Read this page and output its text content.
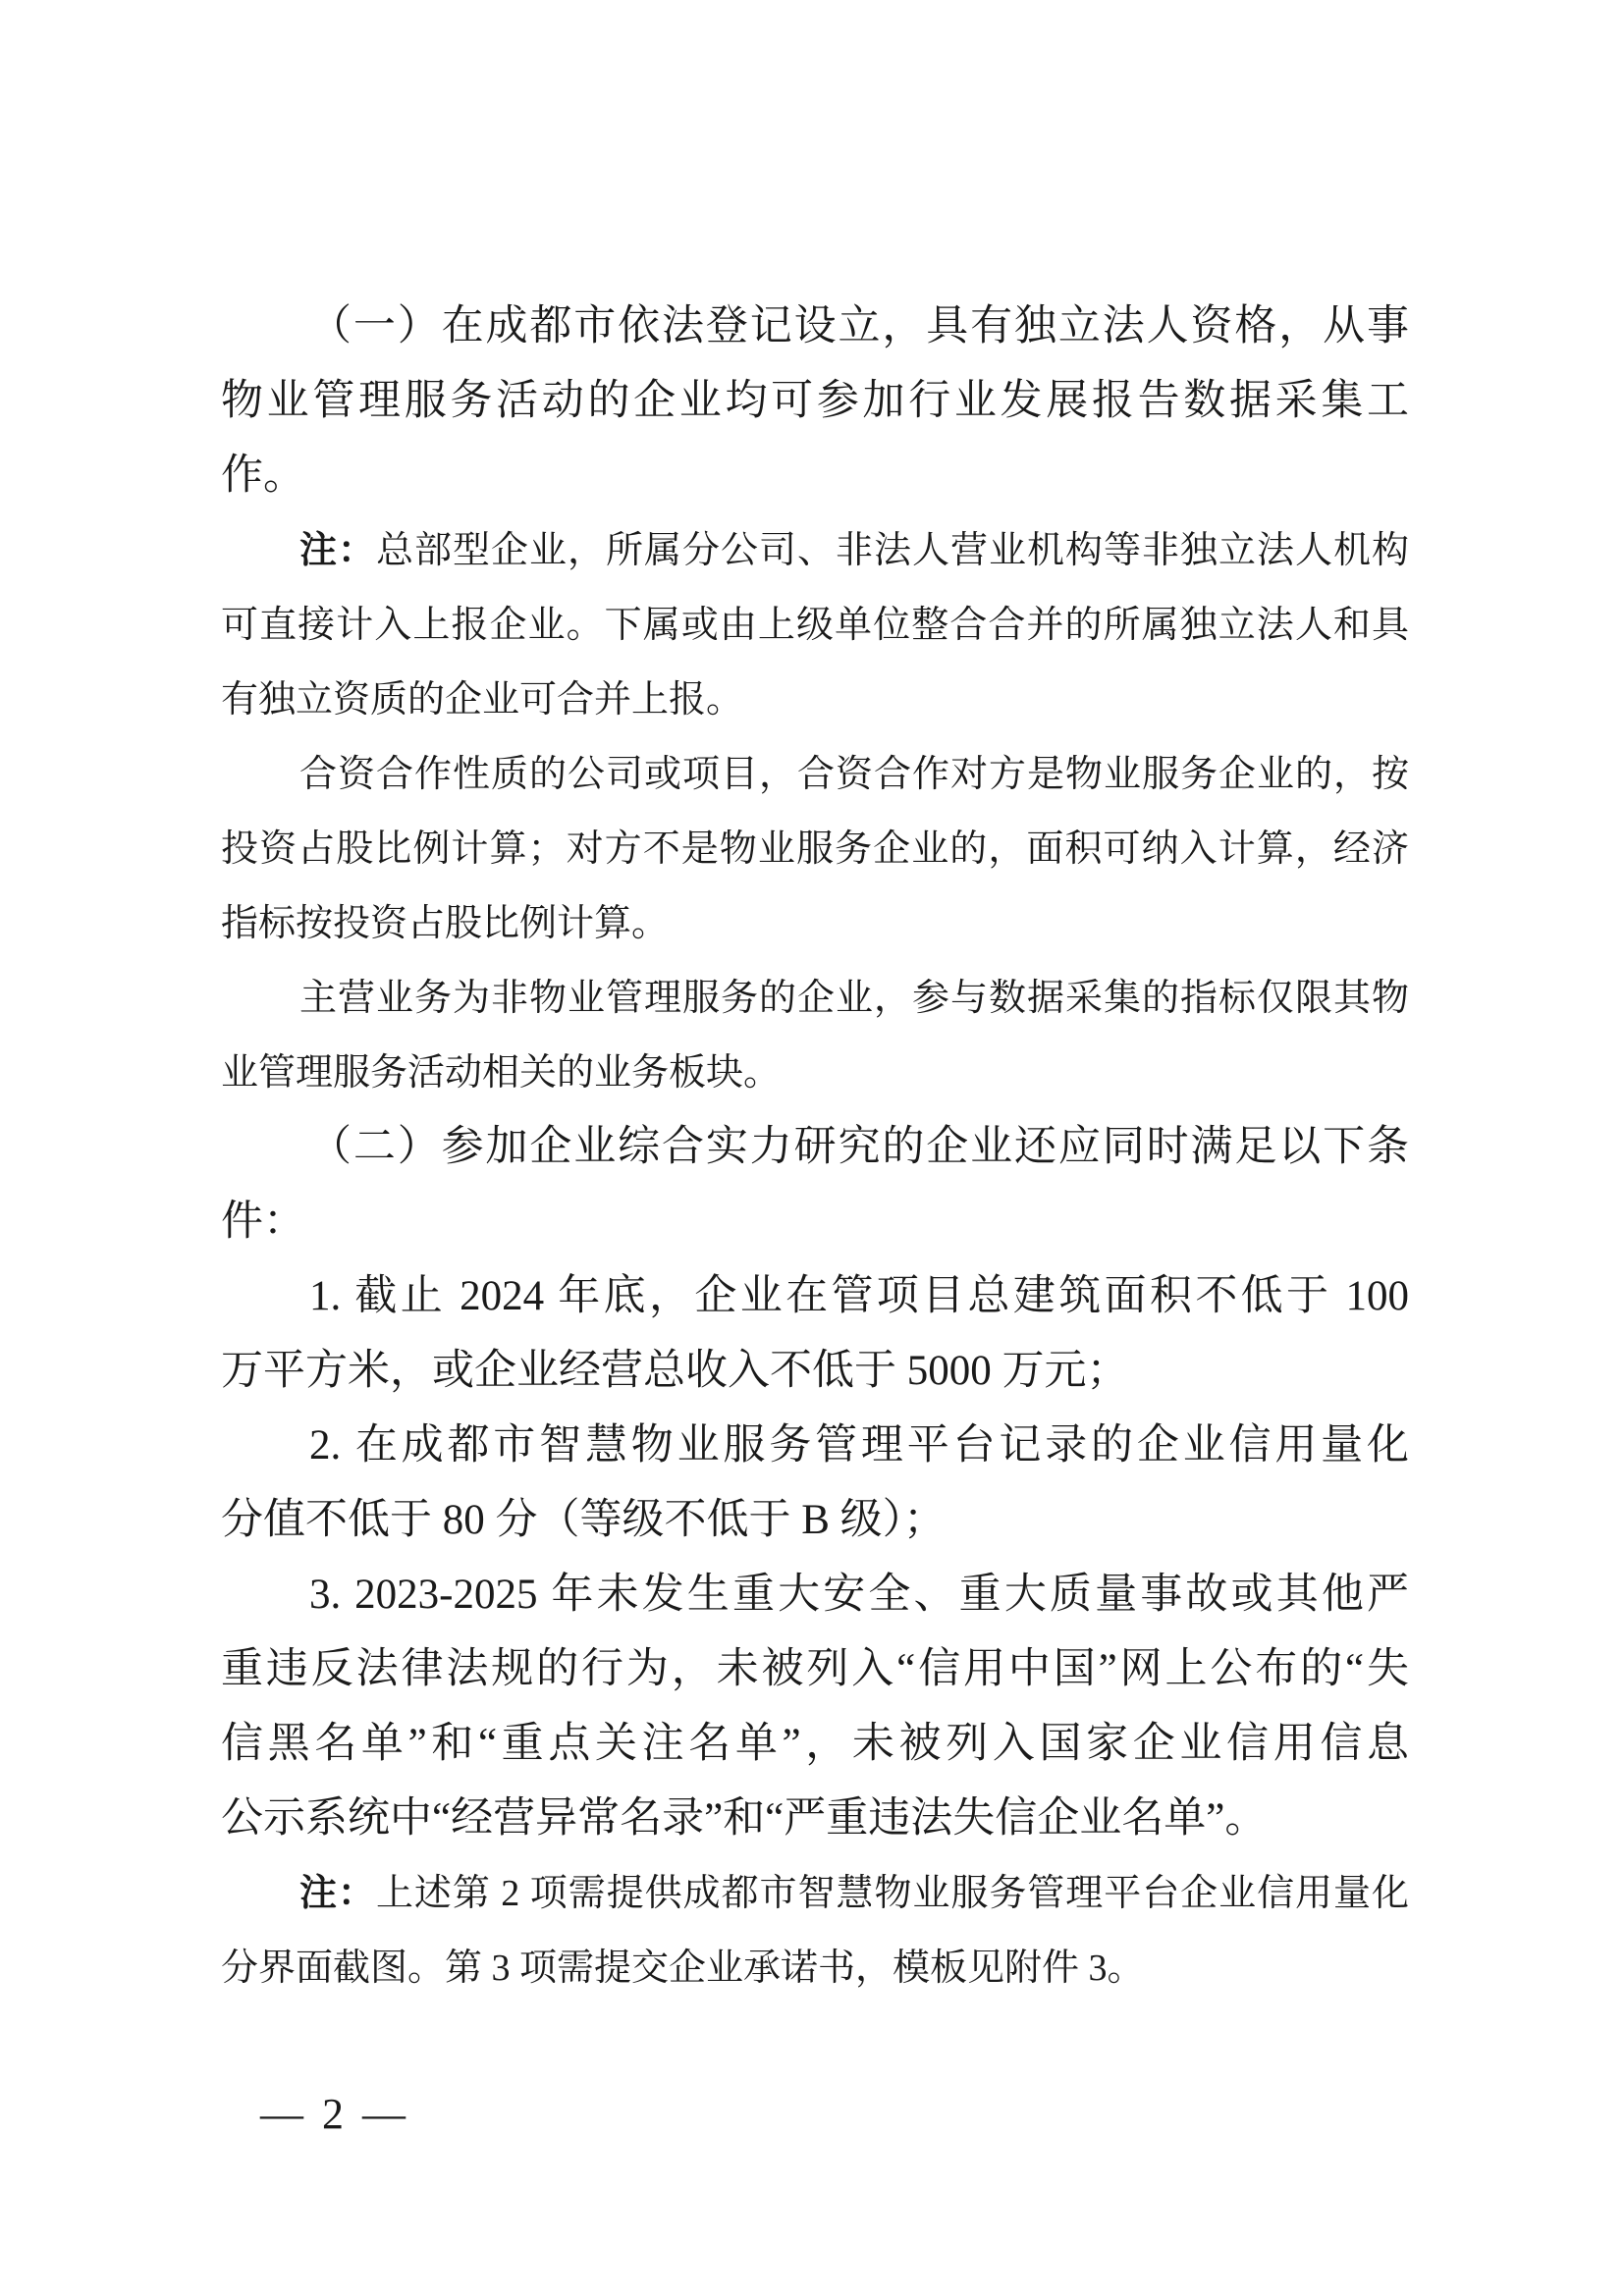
（一）在成都市依法登记设立，具有独立法人资格，从事
物业管理服务活动的企业均可参加行业发展报告数据采集工
作。
注：总部型企业，所属分公司、非法人营业机构等非独立法人机构
可直接计入上报企业。下属或由上级单位整合合并的所属独立法人和具
有独立资质的企业可合并上报。
合资合作性质的公司或项目，合资合作对方是物业服务企业的，按
投资占股比例计算；对方不是物业服务企业的，面积可纳入计算，经济
指标按投资占股比例计算。
主营业务为非物业管理服务的企业，参与数据采集的指标仅限其物
业管理服务活动相关的业务板块。
（二）参加企业综合实力研究的企业还应同时满足以下条
件：
1. 截止 2024 年底，企业在管项目总建筑面积不低于 100
万平方米，或企业经营总收入不低于 5000 万元；
2. 在成都市智慧物业服务管理平台记录的企业信用量化
分值不低于 80 分（等级不低于 B 级）；
3. 2023-2025 年未发生重大安全、重大质量事故或其他严
重违反法律法规的行为，未被列入“信用中国”网上公布的“失
信黑名单”和“重点关注名单”，未被列入国家企业信用信息
公示系统中“经营异常名录”和“严重违法失信企业名单”。
注：上述第 2 项需提供成都市智慧物业服务管理平台企业信用量化
分界面截图。第 3 项需提交企业承诺书，模板见附件 3。
— 2 —
